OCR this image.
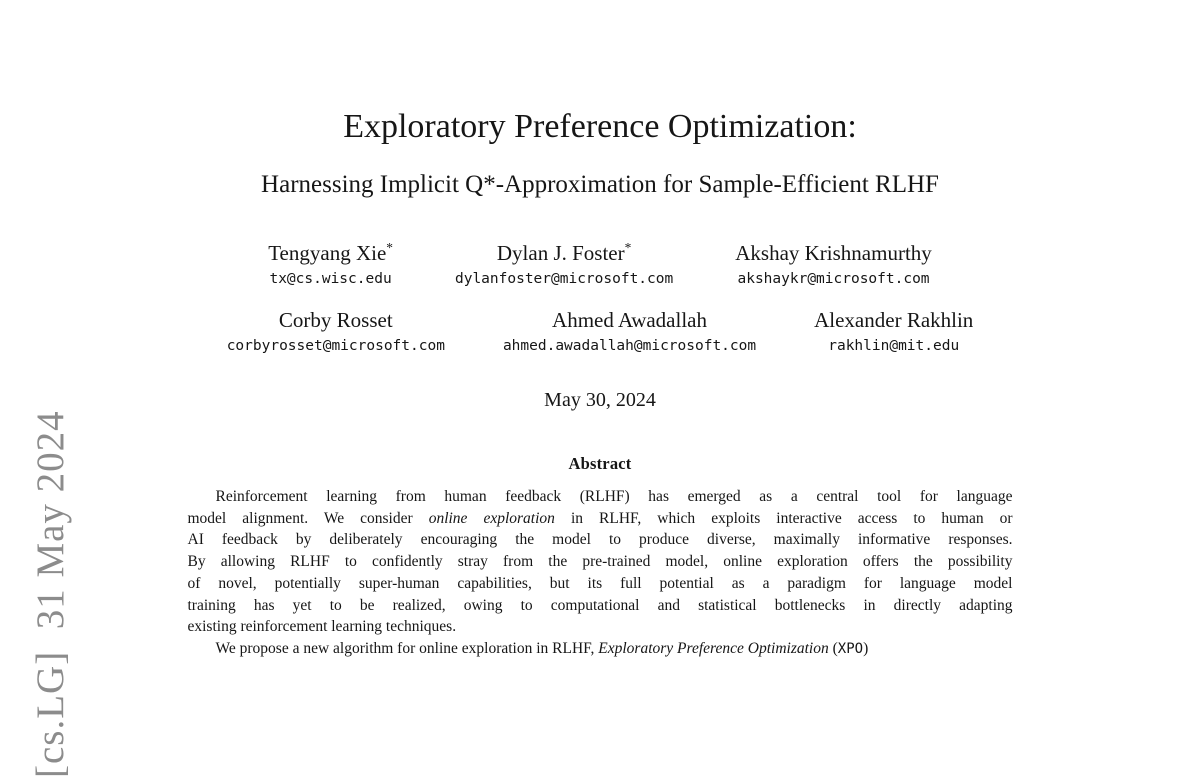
[cs.LG]  31 May 2024
Exploratory Preference Optimization:
Harnessing Implicit Q*-Approximation for Sample-Efficient RLHF
Tengyang Xie*
tx@cs.wisc.edu
Dylan J. Foster*
dylanfoster@microsoft.com
Akshay Krishnamurthy
akshaykr@microsoft.com
Corby Rosset
corbyrosset@microsoft.com
Ahmed Awadallah
ahmed.awadallah@microsoft.com
Alexander Rakhlin
rakhlin@mit.edu
May 30, 2024
Abstract
Reinforcement learning from human feedback (RLHF) has emerged as a central tool for language
model alignment. We consider online exploration in RLHF, which exploits interactive access to human or
AI feedback by deliberately encouraging the model to produce diverse, maximally informative responses.
By allowing RLHF to confidently stray from the pre-trained model, online exploration offers the possibility
of novel, potentially super-human capabilities, but its full potential as a paradigm for language model
training has yet to be realized, owing to computational and statistical bottlenecks in directly adapting
existing reinforcement learning techniques.
We propose a new algorithm for online exploration in RLHF, Exploratory Preference Optimization (XPO)
